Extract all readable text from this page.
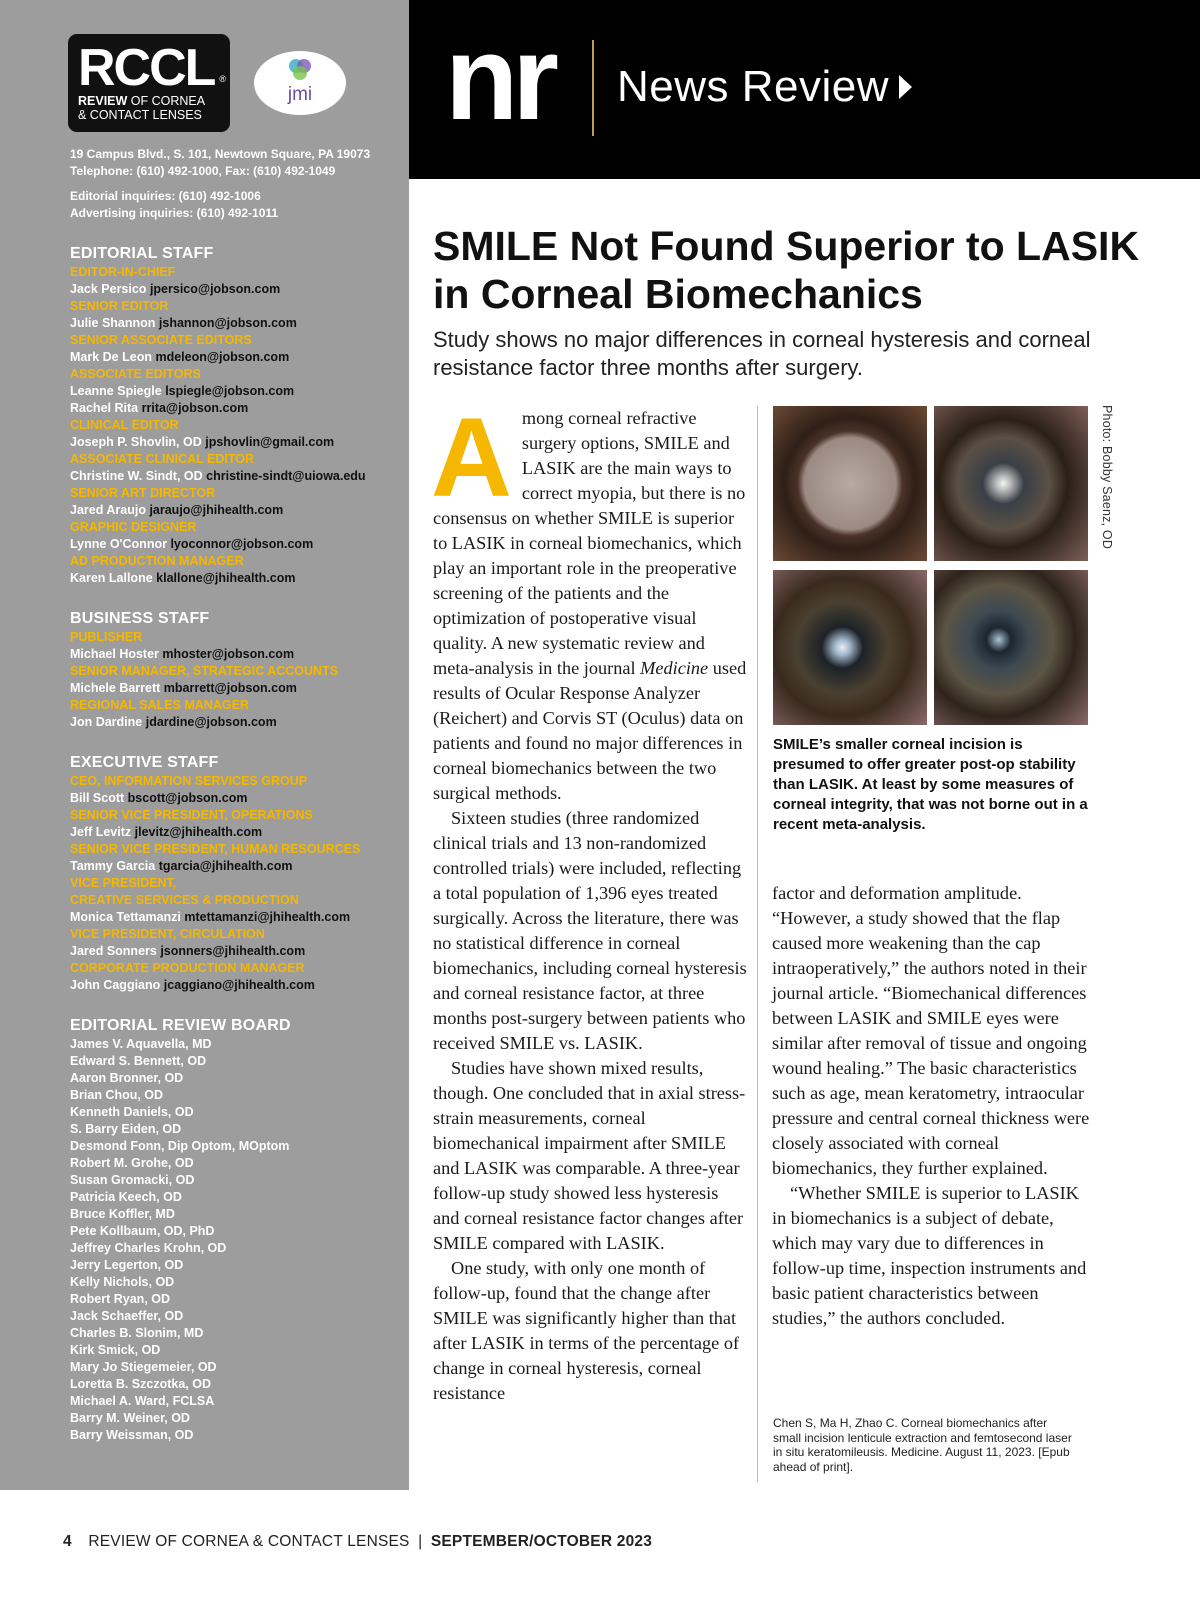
RCCL ®
REVIEW OF CORNEA
& CONTACT LENSES
jmi
19 Campus Blvd., S. 101, Newtown Square, PA 19073
Telephone: (610) 492-1000, Fax: (610) 492-1049
Editorial inquiries: (610) 492-1006
Advertising inquiries: (610) 492-1011
EDITORIAL STAFF
EDITOR-IN-CHIEF
Jack Persico jpersico@jobson.com
SENIOR EDITOR
Julie Shannon jshannon@jobson.com
SENIOR ASSOCIATE EDITORS
Mark De Leon mdeleon@jobson.com
ASSOCIATE EDITORS
Leanne Spiegle lspiegle@jobson.com
Rachel Rita rrita@jobson.com
CLINICAL EDITOR
Joseph P. Shovlin, OD jpshovlin@gmail.com
ASSOCIATE CLINICAL EDITOR
Christine W. Sindt, OD christine-sindt@uiowa.edu
SENIOR ART DIRECTOR
Jared Araujo jaraujo@jhihealth.com
GRAPHIC DESIGNER
Lynne O'Connor lyoconnor@jobson.com
AD PRODUCTION MANAGER
Karen Lallone klallone@jhihealth.com
BUSINESS STAFF
PUBLISHER
Michael Hoster mhoster@jobson.com
SENIOR MANAGER, STRATEGIC ACCOUNTS
Michele Barrett mbarrett@jobson.com
REGIONAL SALES MANAGER
Jon Dardine jdardine@jobson.com
EXECUTIVE STAFF
CEO, INFORMATION SERVICES GROUP
Bill Scott bscott@jobson.com
SENIOR VICE PRESIDENT, OPERATIONS
Jeff Levitz jlevitz@jhihealth.com
SENIOR VICE PRESIDENT, HUMAN RESOURCES
Tammy Garcia tgarcia@jhihealth.com
VICE PRESIDENT,
CREATIVE SERVICES & PRODUCTION
Monica Tettamanzi mtettamanzi@jhihealth.com
VICE PRESIDENT, CIRCULATION
Jared Sonners jsonners@jhihealth.com
CORPORATE PRODUCTION MANAGER
John Caggiano jcaggiano@jhihealth.com
EDITORIAL REVIEW BOARD
James V. Aquavella, MD
Edward S. Bennett, OD
Aaron Bronner, OD
Brian Chou, OD
Kenneth Daniels, OD
S. Barry Eiden, OD
Desmond Fonn, Dip Optom, MOptom
Robert M. Grohe, OD
Susan Gromacki, OD
Patricia Keech, OD
Bruce Koffler, MD
Pete Kollbaum, OD, PhD
Jeffrey Charles Krohn, OD
Jerry Legerton, OD
Kelly Nichols, OD
Robert Ryan, OD
Jack Schaeffer, OD
Charles B. Slonim, MD
Kirk Smick, OD
Mary Jo Stiegemeier, OD
Loretta B. Szczotka, OD
Michael A. Ward, FCLSA
Barry M. Weiner, OD
Barry Weissman, OD
nr News Review
SMILE Not Found Superior to LASIK in Corneal Biomechanics
Study shows no major differences in corneal hysteresis and corneal resistance factor three months after surgery.

Among corneal refractive surgery options, SMILE and LASIK are the main ways to correct myopia, but there is no consensus on whether SMILE is superior to LASIK in corneal biomechanics, which play an important role in the preoperative screening of the patients and the optimization of postoperative visual quality. A new systematic review and meta-analysis in the journal Medicine used results of Ocular Response Analyzer (Reichert) and Corvis ST (Oculus) data on patients and found no major differences in corneal biomechanics between the two surgical methods.

Sixteen studies (three randomized clinical trials and 13 non-randomized controlled trials) were included, reflecting a total population of 1,396 eyes treated surgically. Across the literature, there was no statistical difference in corneal biomechanics, including corneal hysteresis and corneal resistance factor, at three months post-surgery between patients who received SMILE vs. LASIK.

Studies have shown mixed results, though. One concluded that in axial stress-strain measurements, corneal biomechanical impairment after SMILE and LASIK was comparable. A three-year follow-up study showed less hysteresis and corneal resistance factor changes after SMILE compared with LASIK.

One study, with only one month of follow-up, found that the change after SMILE was significantly higher than that after LASIK in terms of the percentage of change in corneal hysteresis, corneal resistance

Photo: Bobby Saenz, OD
SMILE’s smaller corneal incision is presumed to offer greater post-op stability than LASIK. At least by some measures of corneal integrity, that was not borne out in a recent meta-analysis.

factor and deformation amplitude. “However, a study showed that the flap caused more weakening than the cap intraoperatively,” the authors noted in their journal article. “Biomechanical differences between LASIK and SMILE eyes were similar after removal of tissue and ongoing wound healing.” The basic characteristics such as age, mean keratometry, intraocular pressure and central corneal thickness were closely associated with corneal biomechanics, they further explained.

“Whether SMILE is superior to LASIK in biomechanics is a subject of debate, which may vary due to differences in follow-up time, inspection instruments and basic patient characteristics between studies,” the authors concluded.

Chen S, Ma H, Zhao C. Corneal biomechanics after small incision lenticule extraction and femtosecond laser in situ keratomileusis. Medicine. August 11, 2023. [Epub ahead of print].
4 REVIEW OF CORNEA & CONTACT LENSES | SEPTEMBER/OCTOBER 2023
